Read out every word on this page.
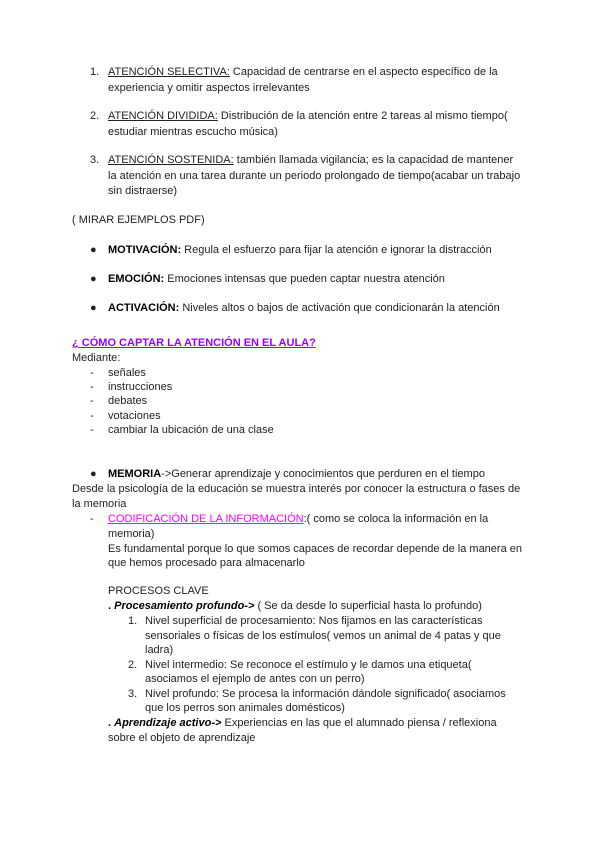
1. ATENCIÓN SELECTIVA: Capacidad de centrarse en el aspecto específico de la
experiencia y omitir aspectos irrelevantes
2. ATENCIÓN DIVIDIDA: Distribución de la atención entre 2 tareas al mismo tiempo(
estudiar mientras escucho música)
3. ATENCIÓN SOSTENIDA: también llamada vigilancia; es la capacidad de mantener
la atención en una tarea durante un periodo prolongado de tiempo(acabar un trabajo
sin distraerse)
( MIRAR EJEMPLOS PDF)
● MOTIVACIÓN: Regula el esfuerzo para fijar la atención e ignorar la distracción
● EMOCIÓN: Emociones intensas que pueden captar nuestra atención
● ACTIVACIÓN: Niveles altos o bajos de activación que condicionarán la atención
¿ CÓMO CAPTAR LA ATENCIÓN EN EL AULA?
Mediante:
- señales
- instrucciones
- debates
- votaciones
- cambiar la ubicación de una clase
● MEMORIA->Generar aprendizaje y conocimientos que perduren en el tiempo
Desde la psicología de la educación se muestra interés por conocer la estructura o fases de
la memoria
- CODIFICACIÓN DE LA INFORMACIÓN:( como se coloca la información en la
memoria)
Es fundamental porque lo que somos capaces de recordar depende de la manera en
que hemos procesado para almacenarlo
PROCESOS CLAVE
. Procesamiento profundo-> ( Se da desde lo superficial hasta lo profundo)
1. Nivel superficial de procesamiento: Nos fijamos en las características
sensoriales o físicas de los estímulos( vemos un animal de 4 patas y que
ladra)
2. Nivel intermedio: Se reconoce el estímulo y le damos una etiqueta(
asociamos el ejemplo de antes con un perro)
3. Nivel profundo: Se procesa la información dándole significado( asociamos
que los perros son animales domésticos)
. Aprendizaje activo-> Experiencias en las que el alumnado piensa / reflexiona
sobre el objeto de aprendizaje
